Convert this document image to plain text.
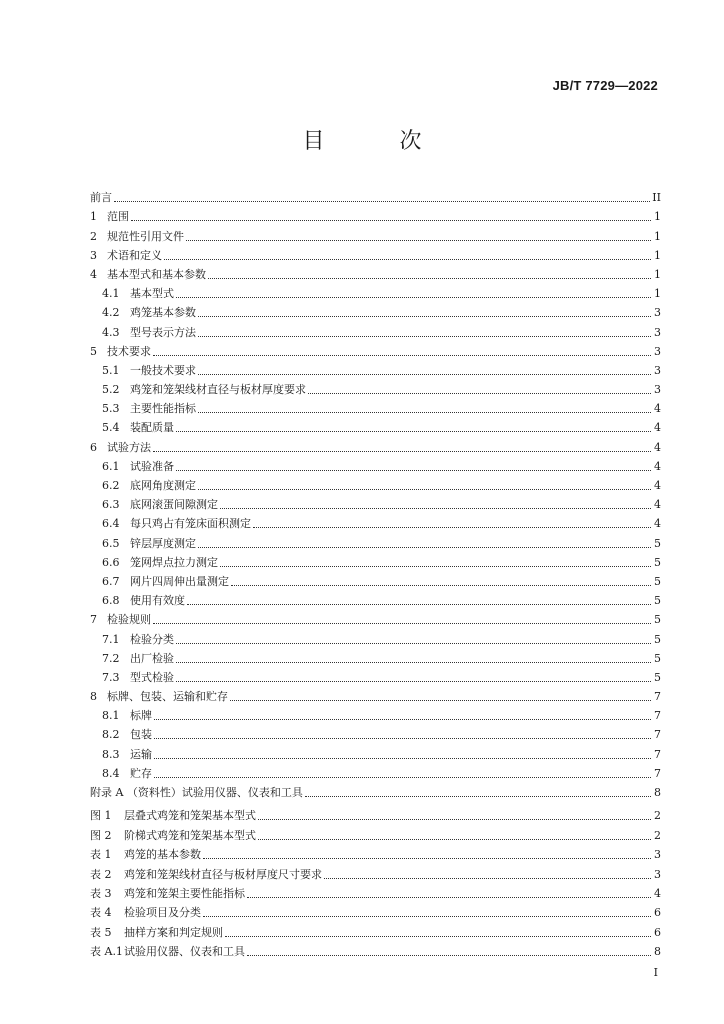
JB/T 7729—2022
目 次
前言	II
1 范围	1
2 规范性引用文件	1
3 术语和定义	1
4 基本型式和基本参数	1
4.1 基本型式	1
4.2 鸡笼基本参数	3
4.3 型号表示方法	3
5 技术要求	3
5.1 一般技术要求	3
5.2 鸡笼和笼架线材直径与板材厚度要求	3
5.3 主要性能指标	4
5.4 装配质量	4
6 试验方法	4
6.1 试验准备	4
6.2 底网角度测定	4
6.3 底网滚蛋间隙测定	4
6.4 每只鸡占有笼床面积测定	4
6.5 锌层厚度测定	5
6.6 笼网焊点拉力测定	5
6.7 网片四周伸出量测定	5
6.8 使用有效度	5
7 检验规则	5
7.1 检验分类	5
7.2 出厂检验	5
7.3 型式检验	5
8 标牌、包装、运输和贮存	7
8.1 标牌	7
8.2 包装	7
8.3 运输	7
8.4 贮存	7
附录 A （资料性）试验用仪器、仪表和工具	8
图 1	层叠式鸡笼和笼架基本型式	2
图 2	阶梯式鸡笼和笼架基本型式	2
表 1	鸡笼的基本参数	3
表 2	鸡笼和笼架线材直径与板材厚度尺寸要求	3
表 3	鸡笼和笼架主要性能指标	4
表 4	检验项目及分类	6
表 5	抽样方案和判定规则	6
表 A.1 试验用仪器、仪表和工具	8
I
